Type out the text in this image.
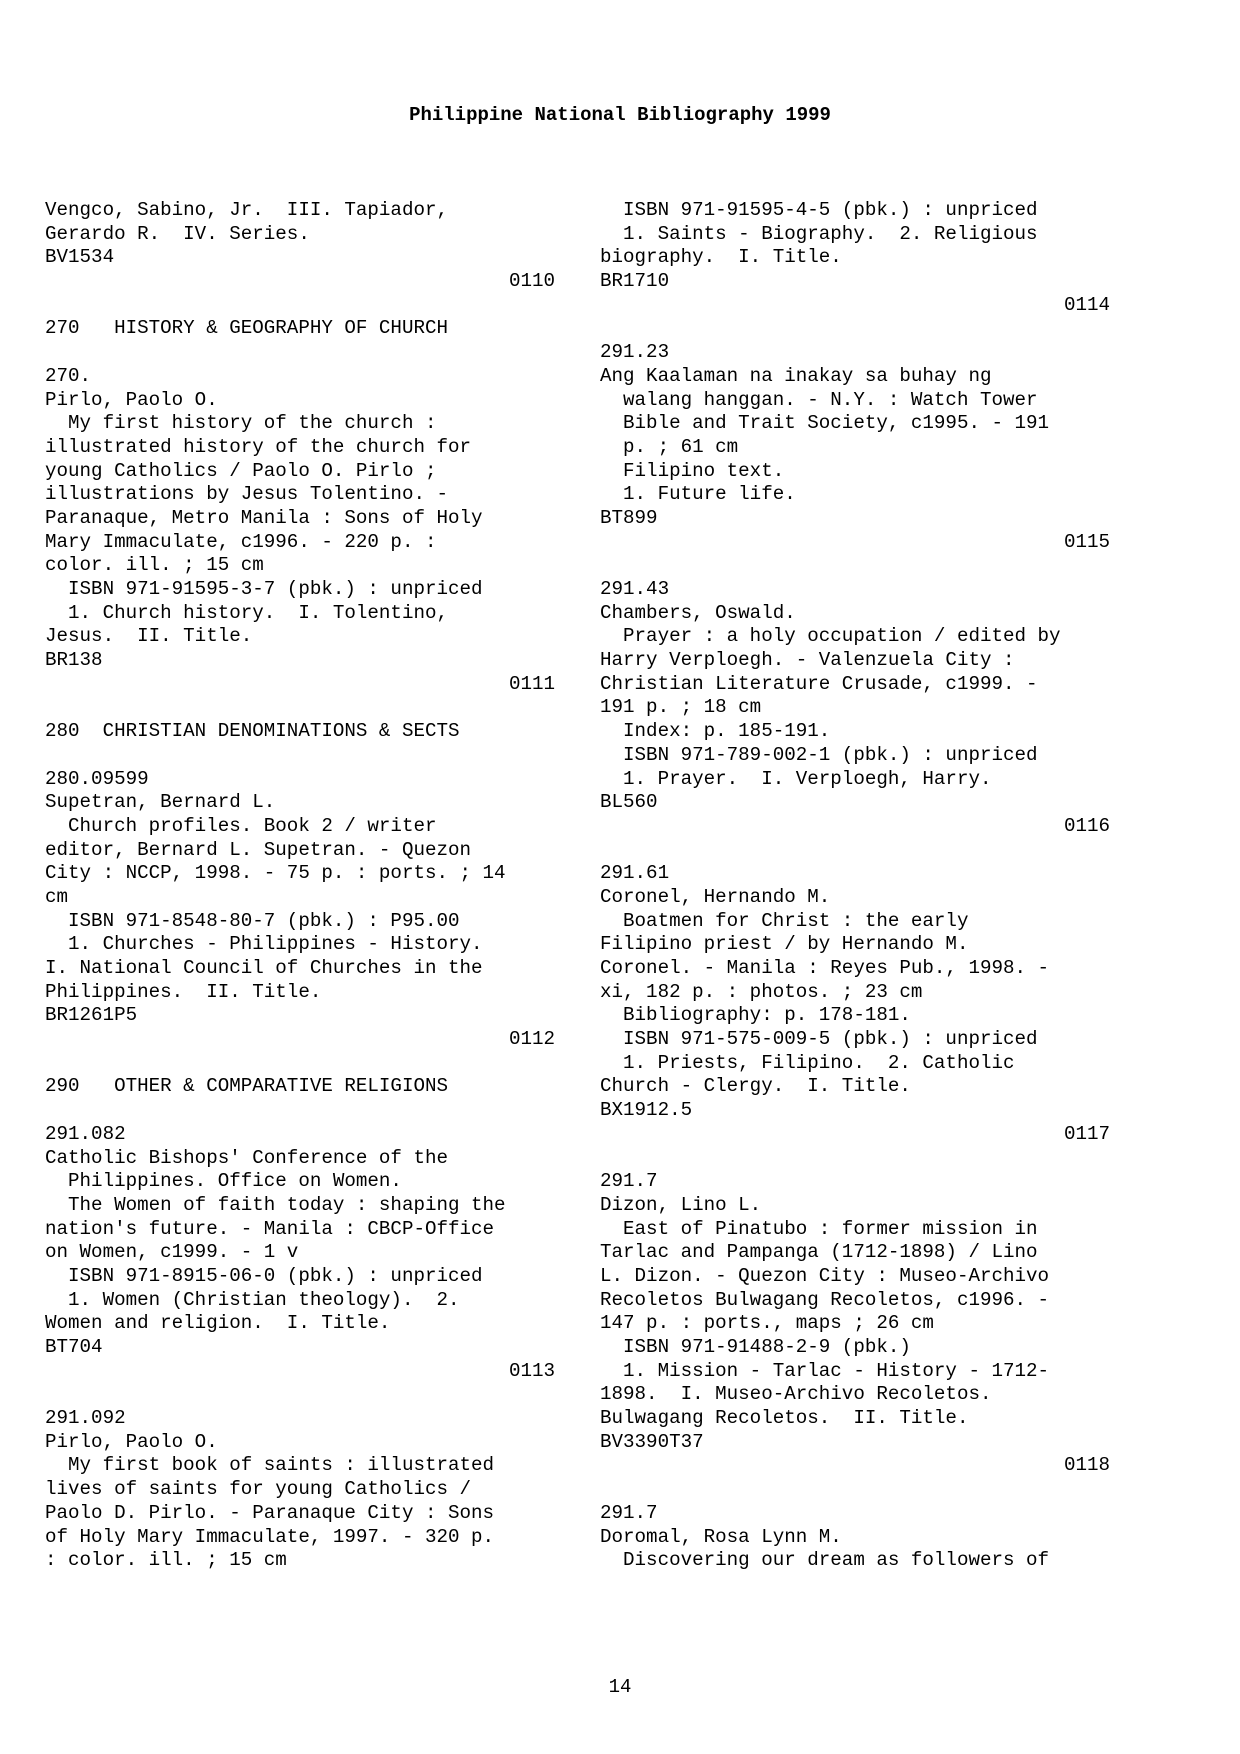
Philippine National Bibliography 1999
Vengco, Sabino, Jr.  III. Tapiador,
Gerardo R.  IV. Series.
BV1534
0110
270   HISTORY & GEOGRAPHY OF CHURCH
270.
Pirlo, Paolo O.
My first history of the church :
illustrated history of the church for
young Catholics / Paolo O. Pirlo ;
illustrations by Jesus Tolentino. -
Paranaque, Metro Manila : Sons of Holy
Mary Immaculate, c1996. - 220 p. :
color. ill. ; 15 cm
ISBN 971-91595-3-7 (pbk.) : unpriced
1. Church history.  I. Tolentino,
Jesus.  II. Title.
BR138
0111
280  CHRISTIAN DENOMINATIONS & SECTS
280.09599
Supetran, Bernard L.
Church profiles. Book 2 / writer
editor, Bernard L. Supetran. - Quezon
City : NCCP, 1998. - 75 p. : ports. ; 14
cm
ISBN 971-8548-80-7 (pbk.) : P95.00
1. Churches - Philippines - History.
I. National Council of Churches in the
Philippines.  II. Title.
BR1261P5
0112
290   OTHER & COMPARATIVE RELIGIONS
291.082
Catholic Bishops' Conference of the
Philippines. Office on Women.
The Women of faith today : shaping the
nation's future. - Manila : CBCP-Office
on Women, c1999. - 1 v
ISBN 971-8915-06-0 (pbk.) : unpriced
1. Women (Christian theology).  2.
Women and religion.  I. Title.
BT704
0113
291.092
Pirlo, Paolo O.
My first book of saints : illustrated
lives of saints for young Catholics /
Paolo D. Pirlo. - Paranaque City : Sons
of Holy Mary Immaculate, 1997. - 320 p.
: color. ill. ; 15 cm
ISBN 971-91595-4-5 (pbk.) : unpriced
1. Saints - Biography.  2. Religious
biography.  I. Title.
BR1710
0114
291.23
Ang Kaalaman na inakay sa buhay ng
walang hanggan. - N.Y. : Watch Tower
Bible and Trait Society, c1995. - 191
p. ; 61 cm
Filipino text.
1. Future life.
BT899
0115
291.43
Chambers, Oswald.
Prayer : a holy occupation / edited by
Harry Verploegh. - Valenzuela City :
Christian Literature Crusade, c1999. -
191 p. ; 18 cm
Index: p. 185-191.
ISBN 971-789-002-1 (pbk.) : unpriced
1. Prayer.  I. Verploegh, Harry.
BL560
0116
291.61
Coronel, Hernando M.
Boatmen for Christ : the early
Filipino priest / by Hernando M.
Coronel. - Manila : Reyes Pub., 1998. -
xi, 182 p. : photos. ; 23 cm
Bibliography: p. 178-181.
ISBN 971-575-009-5 (pbk.) : unpriced
1. Priests, Filipino.  2. Catholic
Church - Clergy.  I. Title.
BX1912.5
0117
291.7
Dizon, Lino L.
East of Pinatubo : former mission in
Tarlac and Pampanga (1712-1898) / Lino
L. Dizon. - Quezon City : Museo-Archivo
Recoletos Bulwagang Recoletos, c1996. -
147 p. : ports., maps ; 26 cm
ISBN 971-91488-2-9 (pbk.)
1. Mission - Tarlac - History - 1712-
1898.  I. Museo-Archivo Recoletos.
Bulwagang Recoletos.  II. Title.
BV3390T37
0118
291.7
Doromal, Rosa Lynn M.
Discovering our dream as followers of
14
